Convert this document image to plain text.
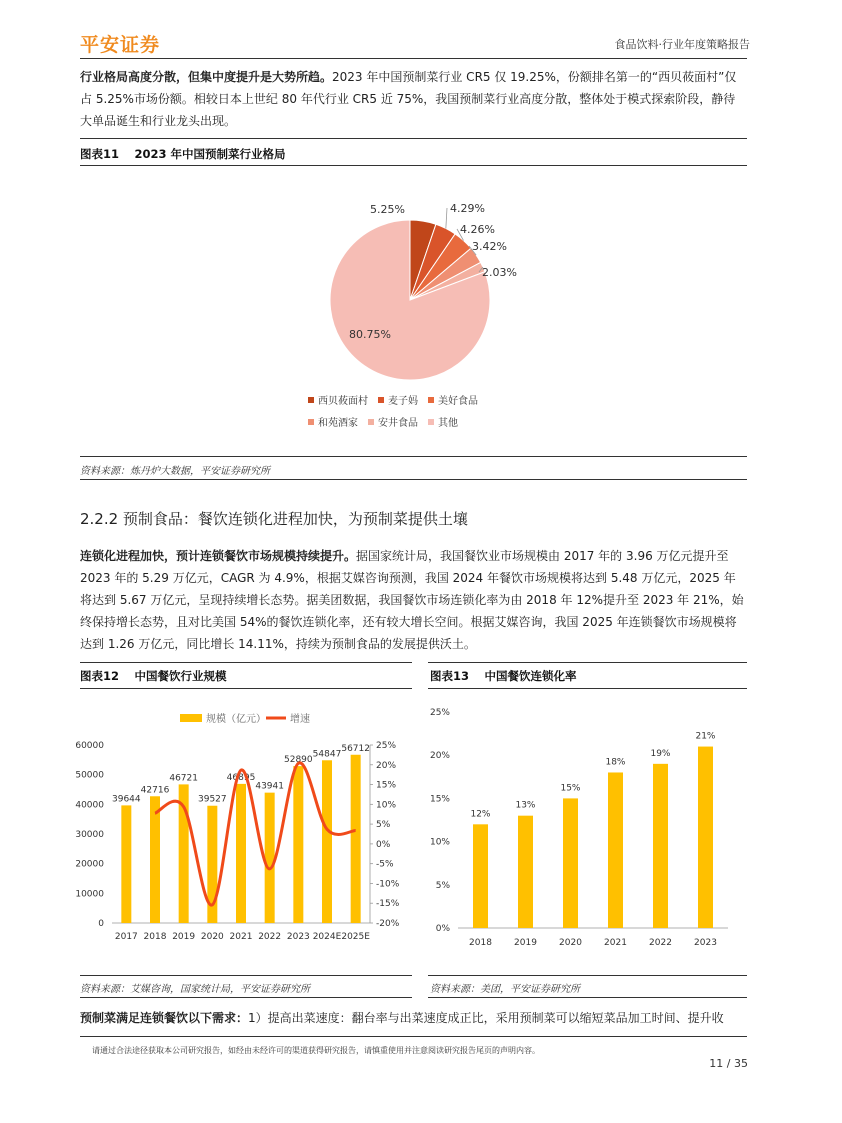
平安证券	食品饮料·行业年度策略报告
行业格局高度分散，但集中度提升是大势所趋。2023 年中国预制菜行业 CR5 仅 19.25%，份额排名第一的“西贝莜面村”仅占 5.25%市场份额。相较日本上世纪 80 年代行业 CR5 近 75%，我国预制菜行业高度分散，整体处于模式探索阶段，静待大单品诞生和行业龙头出现。
图表11　 2023 年中国预制菜行业格局
5.25%	4.29%
4.26%
3.42%
2.03%
80.75%
西贝莜面村 麦子妈 美好食品
和苑酒家 安井食品 其他
资料来源：炼丹炉大数据，平安证券研究所
2.2.2 预制食品：餐饮连锁化进程加快，为预制菜提供土壤
连锁化进程加快，预计连锁餐饮市场规模持续提升。据国家统计局，我国餐饮业市场规模由 2017 年的 3.96 万亿元提升至 2023 年的 5.29 万亿元，CAGR 为 4.9%，根据艾媒咨询预测，我国 2024 年餐饮市场规模将达到 5.48 万亿元，2025 年将达到 5.67 万亿元，呈现持续增长态势。据美团数据，我国餐饮市场连锁化率为由 2018 年 12%提升至 2023 年 21%，始终保持增长态势，且对比美国 54%的餐饮连锁化率，还有较大增长空间。根据艾媒咨询，我国 2025 年连锁餐饮市场规模将达到 1.26 万亿元，同比增长 14.11%，持续为预制食品的发展提供沃土。
图表12　 中国餐饮行业规模	图表13　 中国餐饮连锁化率
规模（亿元） 增速
0
10000
20000
30000
40000
50000
60000
-20%
-15%
-10%
-5%
0%
5%
10%
15%
20%
25%
39644
2017
42716
2018
46721
2019
39527
2020
46895
2021
43941
2022
52890
2023
54847
2024E
56712
2025E
0%
5%
10%
15%
20%
25%
12%
2018
13%
2019
15%
2020
18%
2021
19%
2022
21%
2023
资料来源：艾媒咨询，国家统计局，平安证券研究所	资料来源：美团，平安证券研究所
预制菜满足连锁餐饮以下需求：1）提高出菜速度：翻台率与出菜速度成正比，采用预制菜可以缩短菜品加工时间、提升收
请通过合法途径获取本公司研究报告，如经由未经许可的渠道获得研究报告，请慎重使用并注意阅读研究报告尾页的声明内容。
11 / 35
